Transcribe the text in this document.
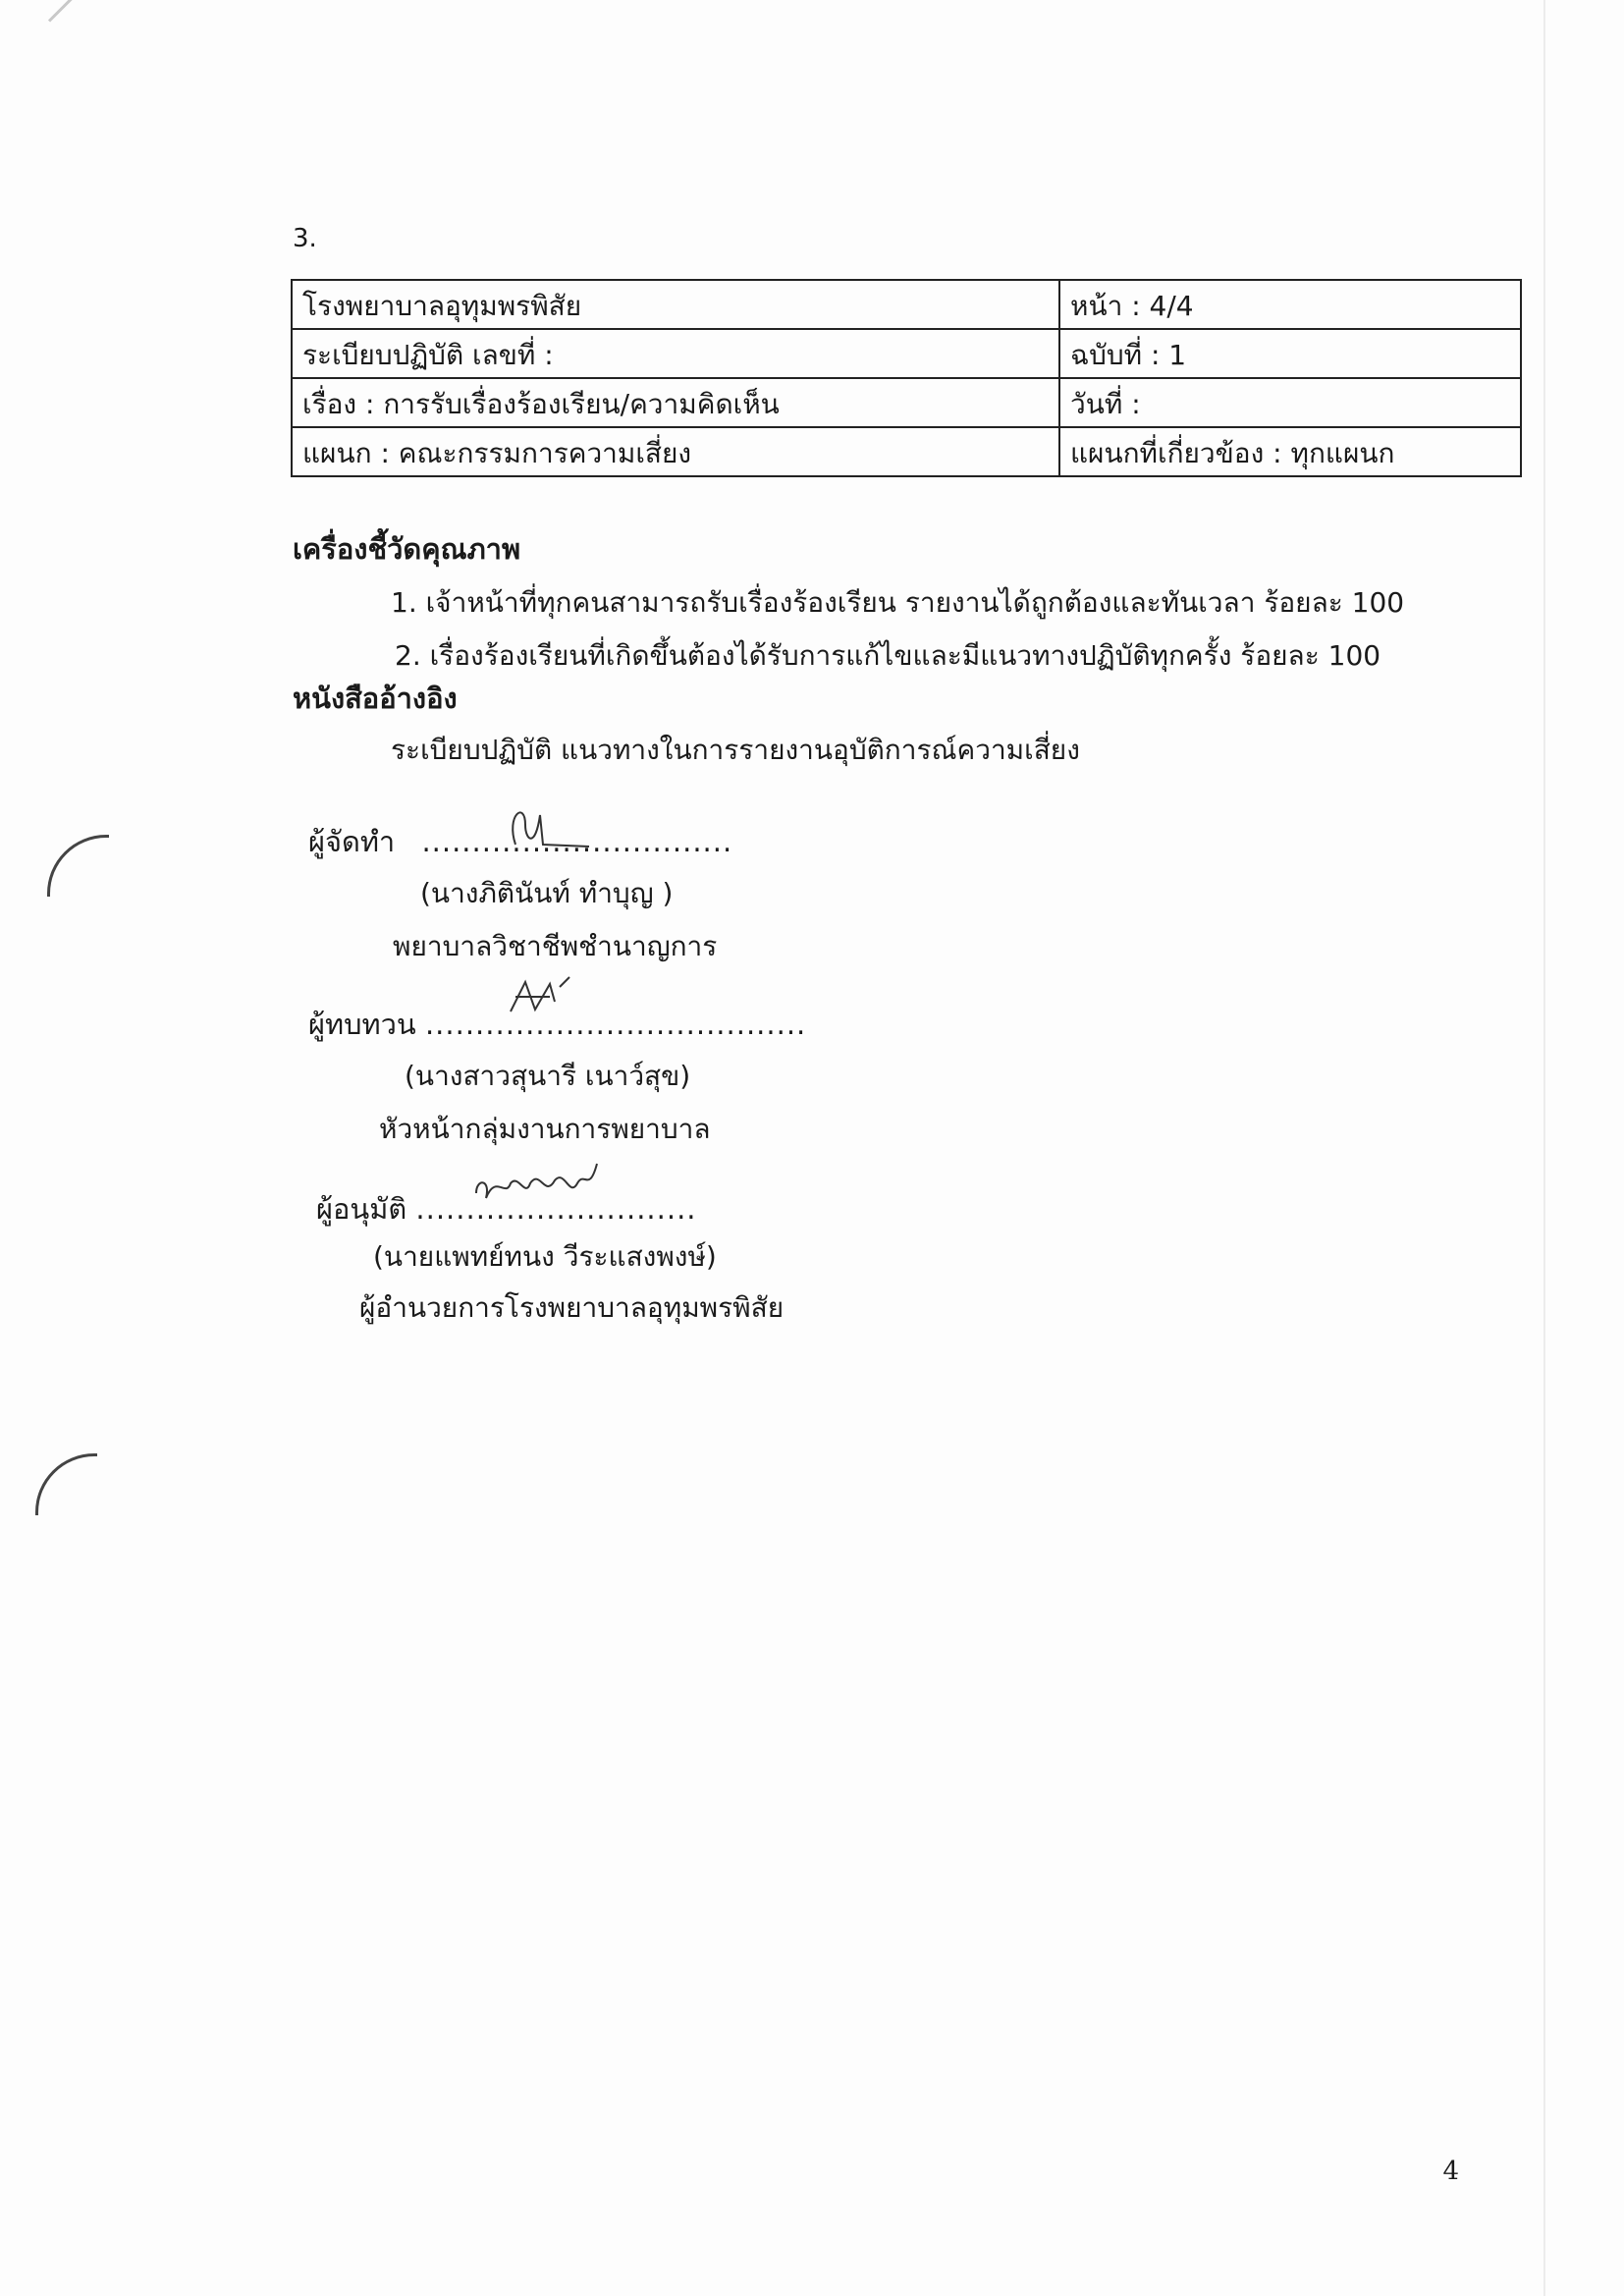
3.
โรงพยาบาลอุทุมพรพิสัย	หน้า : 4/4
ระเบียบปฏิบัติ เลขที่ :	ฉบับที่ : 1
เรื่อง : การรับเรื่องร้องเรียน/ความคิดเห็น	วันที่ :
แผนก : คณะกรรมการความเสี่ยง	แผนกที่เกี่ยวข้อง : ทุกแผนก
เครื่องชี้วัดคุณภาพ
1. เจ้าหน้าที่ทุกคนสามารถรับเรื่องร้องเรียน รายงานได้ถูกต้องและทันเวลา ร้อยละ 100
2. เรื่องร้องเรียนที่เกิดขึ้นต้องได้รับการแก้ไขและมีแนวทางปฏิบัติทุกครั้ง ร้อยละ 100
หนังสืออ้างอิง
ระเบียบปฏิบัติ แนวทางในการรายงานอุบัติการณ์ความเสี่ยง
ผู้จัดทำ ...............................
(นางภิตินันท์ ทำบุญ )
พยาบาลวิชาชีพชำนาญการ
ผู้ทบทวน ......................................
(นางสาวสุนารี เนาว์สุข)
หัวหน้ากลุ่มงานการพยาบาล
ผู้อนุมัติ ............................
(นายแพทย์ทนง วีระแสงพงษ์)
ผู้อำนวยการโรงพยาบาลอุทุมพรพิสัย
4
